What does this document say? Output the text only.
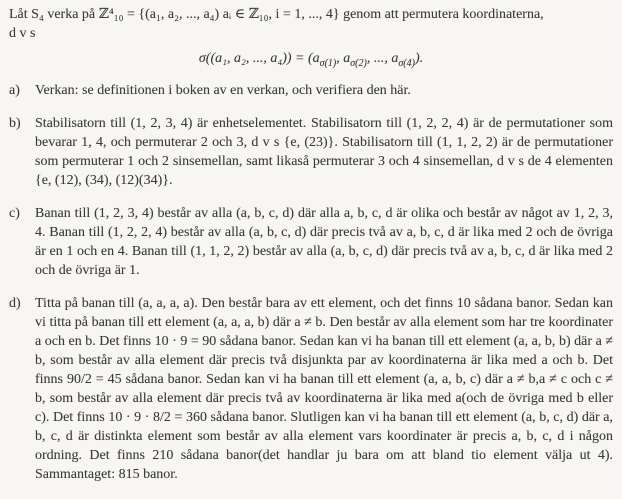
Låt S₄ verka på ℤ⁴₁₀ = {(a₁, a₂, ..., a₄) aᵢ ∈ ℤ₁₀, i = 1, ..., 4} genom att permutera koordinaterna,
d v s
σ((a₁, a₂, ..., $a_4)) = (a_{\sigma(1)}$, $a_{\sigma(2)}$, ..., $a_{\sigma(4)}$).
a)	Verkan: se definitionen i boken av en verkan, och verifiera den här.
b)	Stabilisatorn till (1, 2, 3, 4) är enhetselementet. Stabilisatorn till (1, 2, 2, 4) är de permutationer som bevarar 1, 4, och permuterar 2 och 3, d v s {e, (23)}. Stabilisatorn till (1, 1, 2, 2) är de permutationer som permuterar 1 och 2 sinsemellan, samt likaså permuterar 3 och 4 sinsemellan, d v s de 4 elementen {e, (12), (34), (12)(34)}.
c)	Banan till (1, 2, 3, 4) består av alla (a, b, c, d) där alla a, b, c, d är olika och består av något av 1, 2, 3, 4. Banan till (1, 2, 2, 4) består av alla (a, b, c, d) där precis två av a, b, c, d är lika med 2 och de övriga är en 1 och en 4. Banan till (1, 1, 2, 2) består av alla (a, b, c, d) där precis två av a, b, c, d är lika med 2 och de övriga är 1.
d)	Titta på banan till (a, a, a, a). Den består bara av ett element, och det finns 10 sådana banor. Sedan kan vi titta på banan till ett element (a, a, a, b) där a ≠ b. Den består av alla element som har tre koordinater a och en b. Det finns 10 · 9 = 90 sådana banor. Sedan kan vi ha banan till ett element (a, a, b, b) där a ≠ b, som består av alla element där precis två disjunkta par av koordinaterna är lika med a och b. Det finns 90/2 = 45 sådana banor. Sedan kan vi ha banan till ett element (a, a, b, c) där a ≠ b,a ≠ c och c ≠ b, som består av alla element där precis två av koordinaterna är lika med a(och de övriga med b eller c). Det finns 10 · 9 · 8/2 = 360 sådana banor. Slutligen kan vi ha banan till ett element (a, b, c, d) där a, b, c, d är distinkta element som består av alla element vars koordinater är precis a, b, c, d i någon ordning. Det finns 210 sådana banor(det handlar ju bara om att bland tio element välja ut 4). Sammantaget: 815 banor.
